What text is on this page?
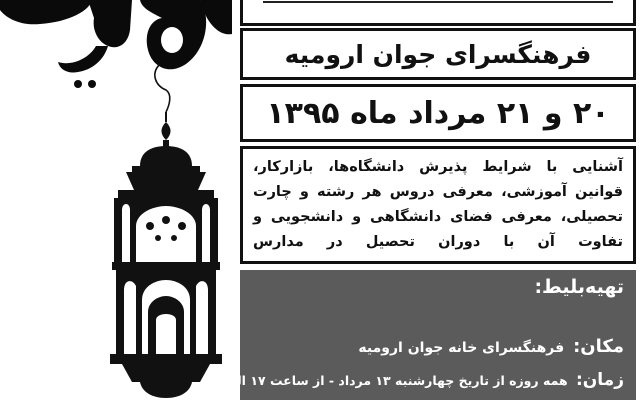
فرهنگسرای جوان ارومیه
۲۰ و ۲۱ مرداد ماه ۱۳۹۵

آشنایی با شرایط پذیرش دانشگاه‌ها، بازارکار، قوانین آموزشی، معرفی دروس هر رشته و چارت تحصیلی، معرفی فضای دانشگاهی و دانشجویی و تفاوت آن با دوران تحصیل در مدارس

تهیه‌بلیط:
مکان: فرهنگسرای خانه جوان ارومیه
زمان: همه روزه از تاریخ چهارشنبه ۱۳ مرداد - از ساعت ۱۷ الی ۱۹
